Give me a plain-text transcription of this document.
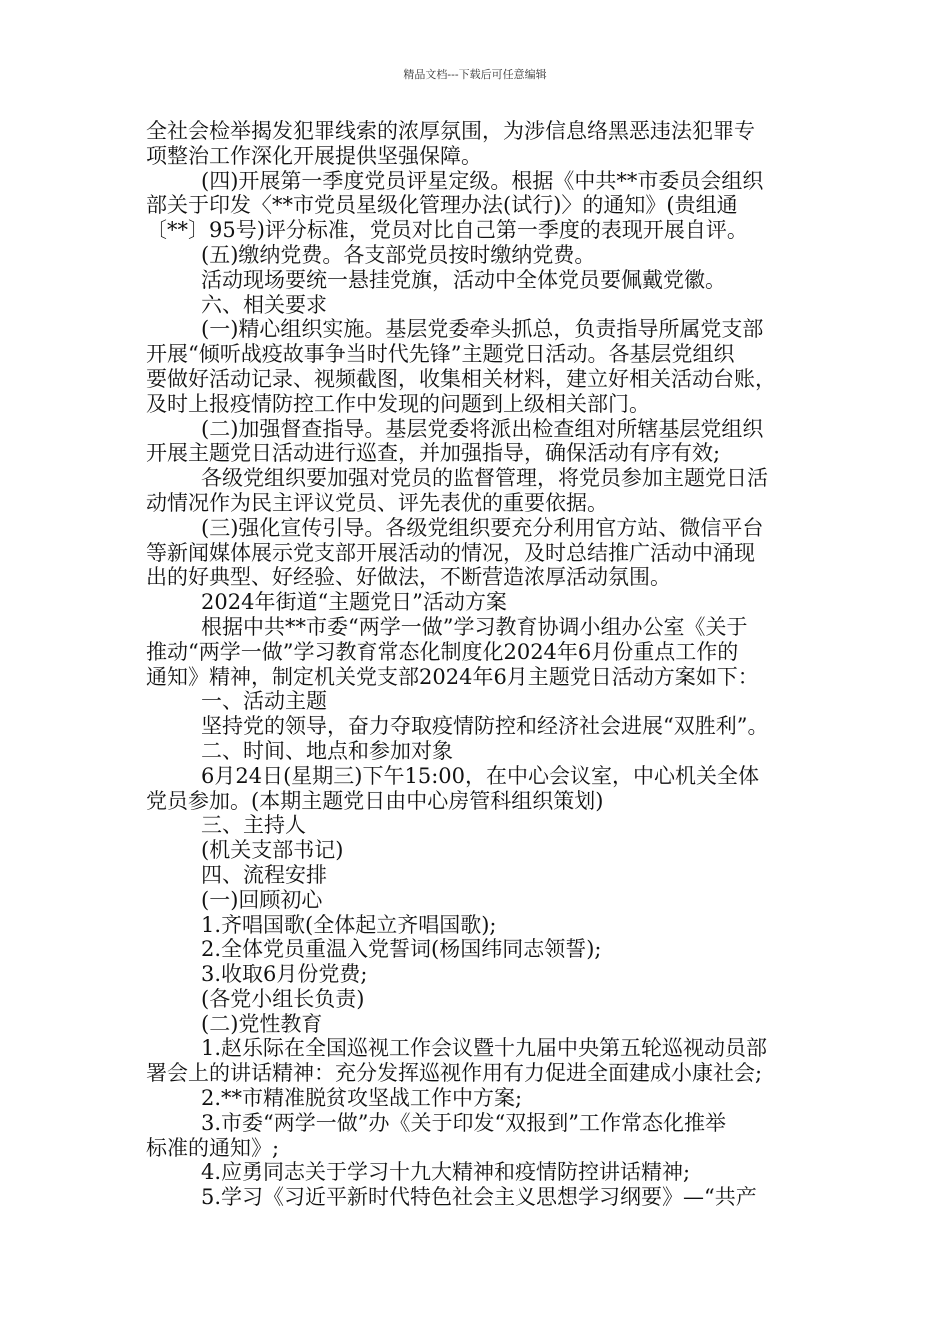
精品文档---下载后可任意编辑
全社会检举揭发犯罪线索的浓厚氛围，为涉信息络黑恶违法犯罪专
项整治工作深化开展提供坚强保障。
(四)开展第一季度党员评星定级。根据《中共**市委员会组织
部关于印发〈**市党员星级化管理办法(试行)〉的通知》(贵组通
〔**〕95号)评分标准，党员对比自己第一季度的表现开展自评。
(五)缴纳党费。各支部党员按时缴纳党费。
活动现场要统一悬挂党旗，活动中全体党员要佩戴党徽。
六、相关要求
(一)精心组织实施。基层党委牵头抓总，负责指导所属党支部
开展“倾听战疫故事争当时代先锋”主题党日活动。各基层党组织
要做好活动记录、视频截图，收集相关材料，建立好相关活动台账，
及时上报疫情防控工作中发现的问题到上级相关部门。
(二)加强督查指导。基层党委将派出检查组对所辖基层党组织
开展主题党日活动进行巡查，并加强指导，确保活动有序有效;
各级党组织要加强对党员的监督管理，将党员参加主题党日活
动情况作为民主评议党员、评先表优的重要依据。
(三)强化宣传引导。各级党组织要充分利用官方站、微信平台
等新闻媒体展示党支部开展活动的情况，及时总结推广活动中涌现
出的好典型、好经验、好做法，不断营造浓厚活动氛围。
2024年街道“主题党日”活动方案
根据中共**市委“两学一做”学习教育协调小组办公室《关于
推动“两学一做”学习教育常态化制度化2024年6月份重点工作的
通知》精神，制定机关党支部2024年6月主题党日活动方案如下：
一、活动主题
坚持党的领导，奋力夺取疫情防控和经济社会进展“双胜利”。
二、时间、地点和参加对象
6月24日(星期三)下午15:00，在中心会议室，中心机关全体
党员参加。(本期主题党日由中心房管科组织策划)
三、主持人
(机关支部书记)
四、流程安排
(一)回顾初心
1.齐唱国歌(全体起立齐唱国歌);
2.全体党员重温入党誓词(杨国纬同志领誓);
3.收取6月份党费;
(各党小组长负责)
(二)党性教育
1.赵乐际在全国巡视工作会议暨十九届中央第五轮巡视动员部
署会上的讲话精神：充分发挥巡视作用有力促进全面建成小康社会;
2.**市精准脱贫攻坚战工作中方案;
3.市委“两学一做”办《关于印发“双报到”工作常态化推举
标准的通知》;
4.应勇同志关于学习十九大精神和疫情防控讲话精神;
5.学习《习近平新时代特色社会主义思想学习纲要》—“共产
